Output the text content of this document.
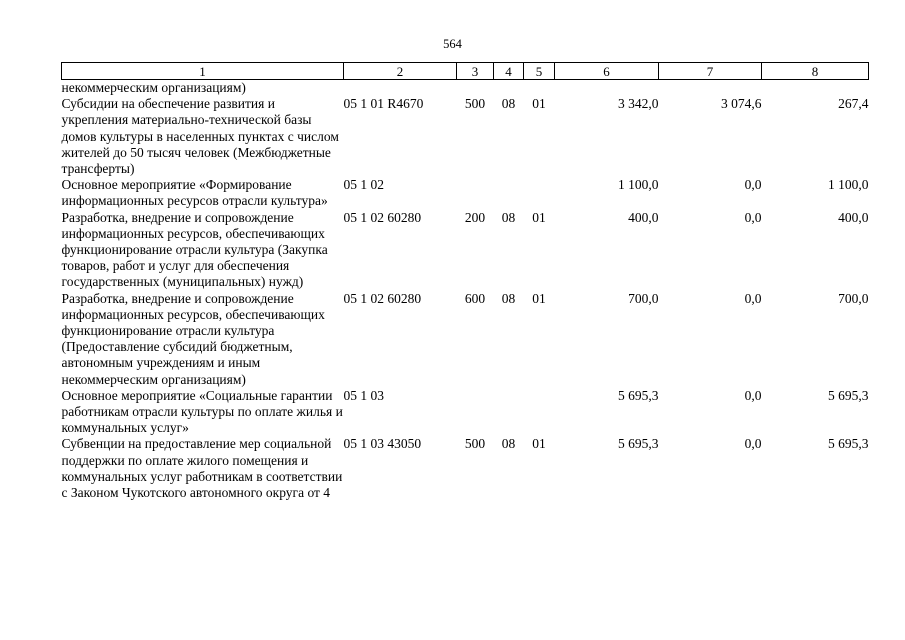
564
1	2	3	4	5	6	7	8
некоммерческим организациям)							
Субсидии на обеспечение развития и укрепления материально-технической базы домов культуры в населенных пунктах с числом жителей до 50 тысяч человек (Межбюджетные трансферты)	05 1 01 R4670	500	08	01	3 342,0	3 074,6	267,4
Основное мероприятие «Формирование информационных ресурсов отрасли культура»	05 1 02				1 100,0	0,0	1 100,0
Разработка, внедрение и сопровождение информационных ресурсов, обеспечивающих функционирование отрасли культура (Закупка товаров, работ и услуг для обеспечения государственных (муниципальных) нужд)	05 1 02 60280	200	08	01	400,0	0,0	400,0
Разработка, внедрение и сопровождение информационных ресурсов, обеспечивающих функционирование отрасли культура (Предоставление субсидий бюджетным, автономным учреждениям и иным некоммерческим организациям)	05 1 02 60280	600	08	01	700,0	0,0	700,0
Основное мероприятие «Социальные гарантии работникам отрасли культуры по оплате жилья и коммунальных услуг»	05 1 03				5 695,3	0,0	5 695,3
Субвенции на предоставление мер социальной поддержки по оплате жилого помещения и коммунальных услуг работникам в соответствии с Законом Чукотского автономного округа от 4	05 1 03 43050	500	08	01	5 695,3	0,0	5 695,3
